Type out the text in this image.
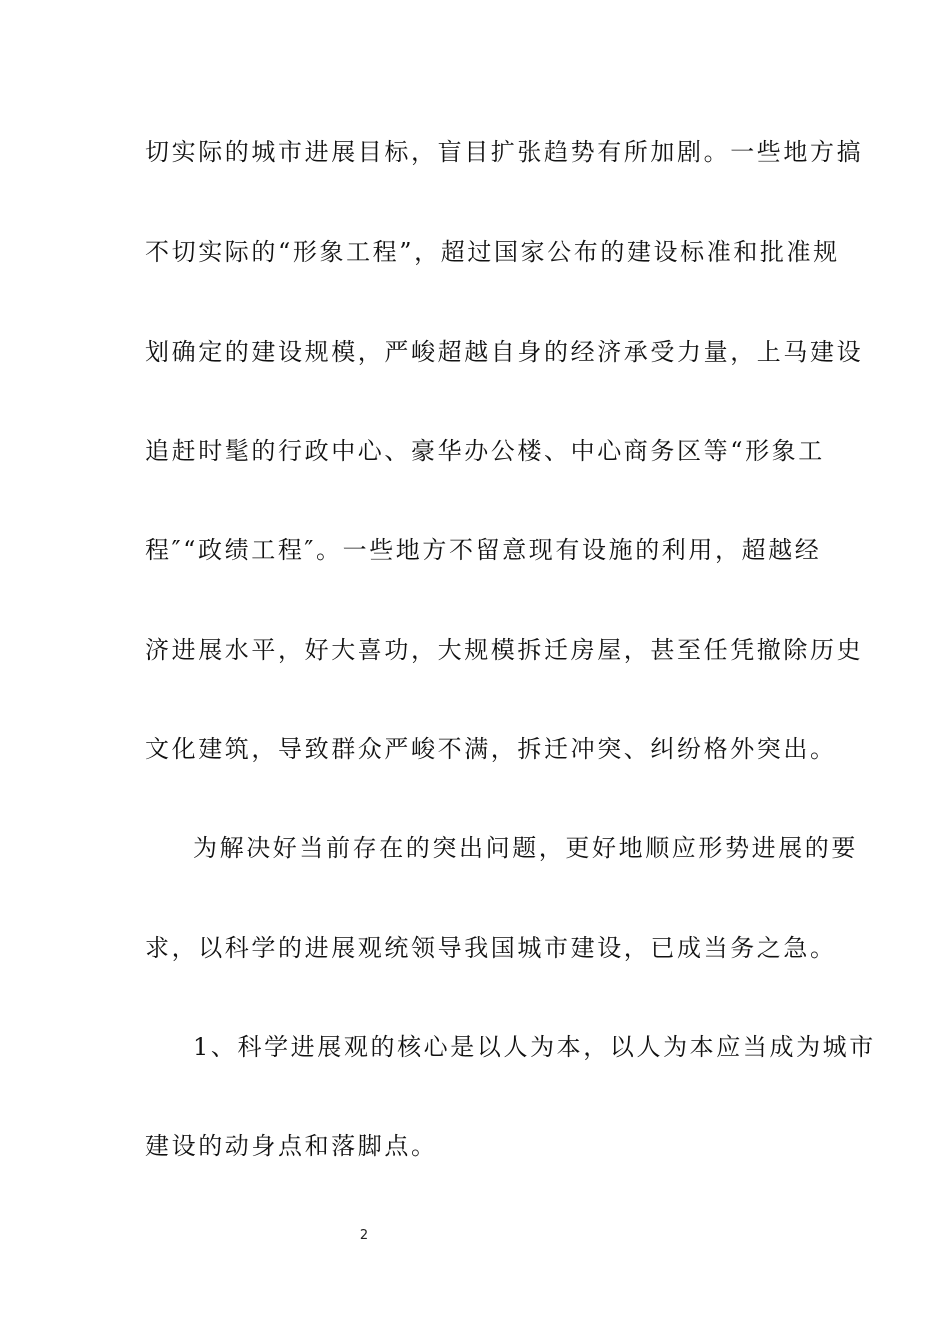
切实际的城市进展目标，盲目扩张趋势有所加剧。一些地方搞
不切实际的“形象工程”，超过国家公布的建设标准和批准规
划确定的建设规模，严峻超越自身的经济承受力量，上马建设
追赶时髦的行政中心、豪华办公楼、中心商务区等“形象工
程″“政绩工程″。一些地方不留意现有设施的利用，超越经
济进展水平，好大喜功，大规模拆迁房屋，甚至任凭撤除历史
文化建筑，导致群众严峻不满，拆迁冲突、纠纷格外突出。
为解决好当前存在的突出问题，更好地顺应形势进展的要
求，以科学的进展观统领导我国城市建设，已成当务之急。
1、科学进展观的核心是以人为本，以人为本应当成为城市
建设的动身点和落脚点。
2
